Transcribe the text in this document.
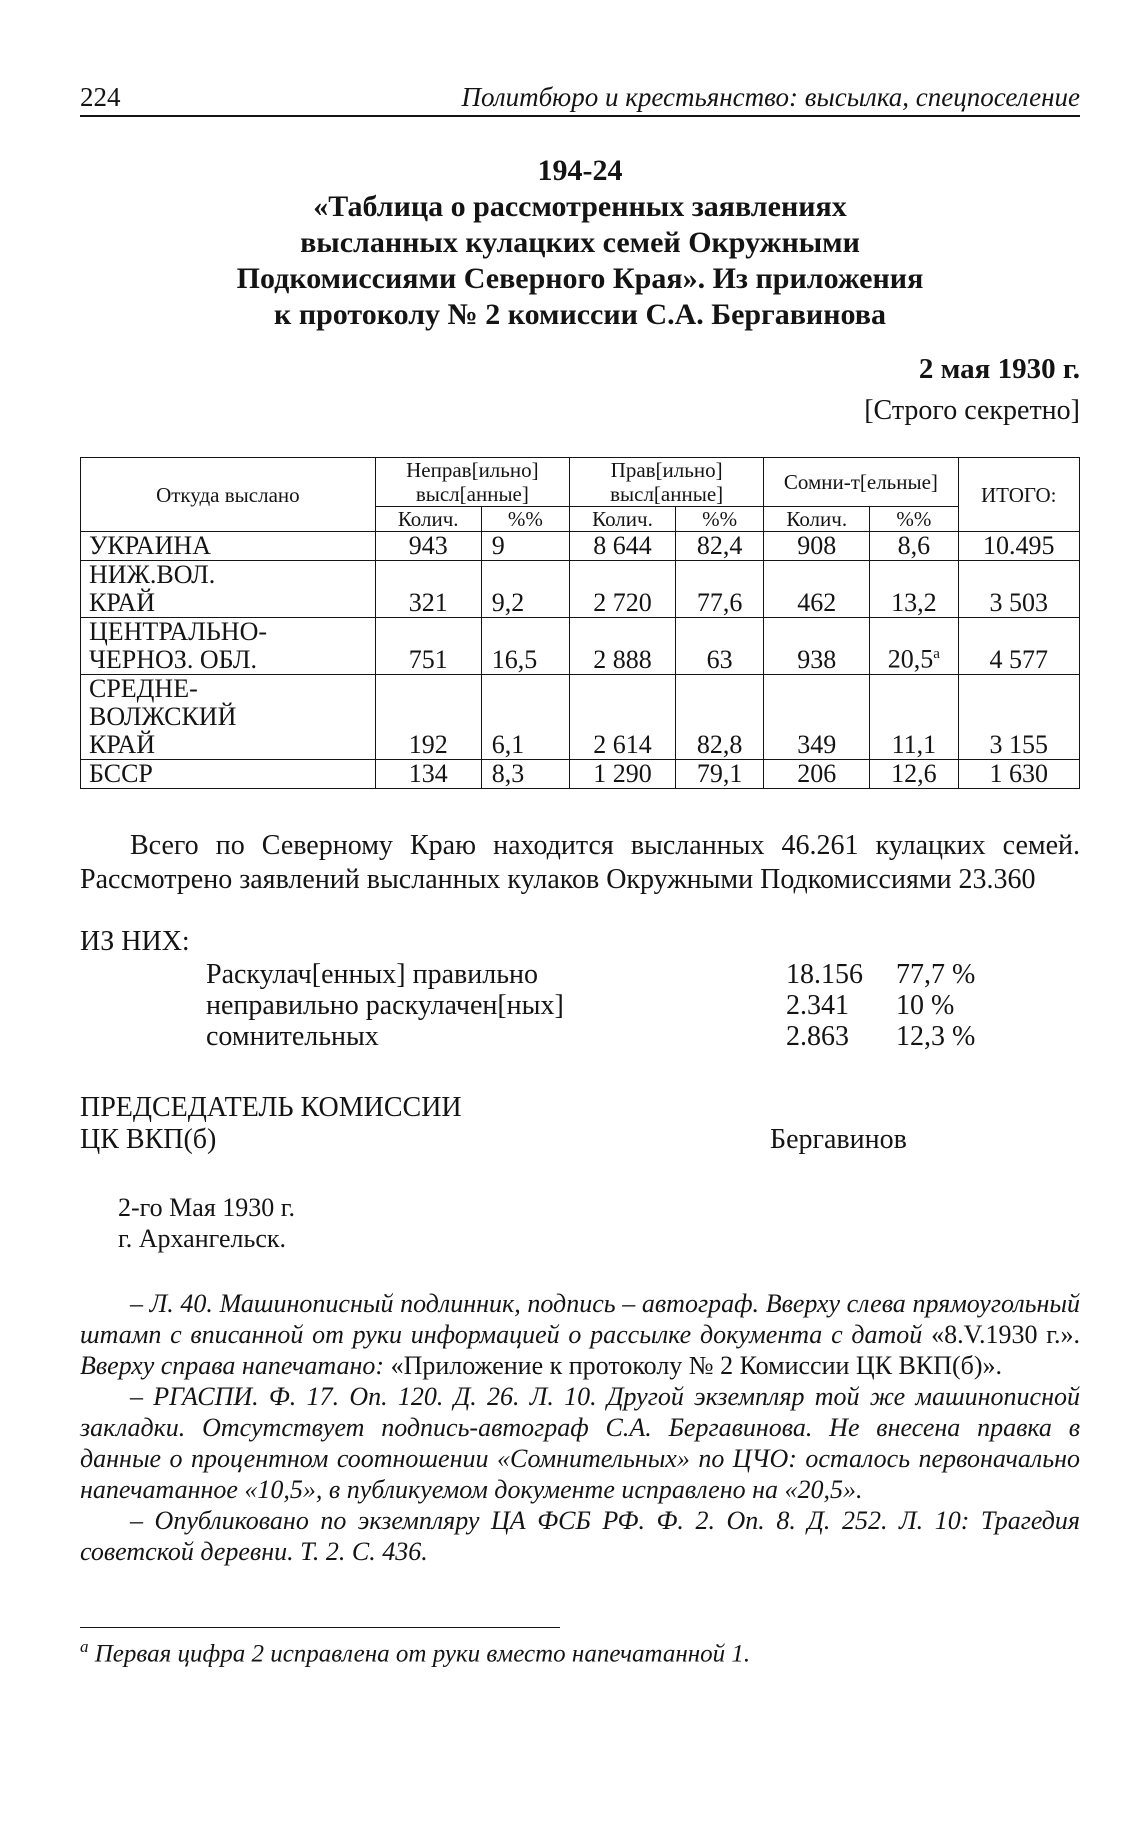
224	Политбюро и крестьянство: высылка, спецпоселение
194-24
«Таблица о рассмотренных заявлениях
высланных кулацких семей Окружными
Подкомиссиями Северного Края». Из приложения
к протоколу № 2 комиссии С.А. Бергавинова
2 мая 1930 г.
[Строго секретно]
Откуда выслано	Неправ[ильно] высл[анные]		Прав[ильно] высл[анные]		Сомни-т[ельные]		ИТОГО:
	Колич.	%%	Колич.	%%	Колич.	%%	

УКРАИНА	943	9	8 644	82,4	908	8,6	10.495

НИЖ.ВОЛ.
КРАЙ	321	9,2	2 720	77,6	462	13,2	3 503

ЦЕНТРАЛЬНО-
ЧЕРНОЗ. ОБЛ.	751	16,5	2 888	63	938	20,5$^а$	4 577

СРЕДНЕ-
ВОЛЖСКИЙ
КРАЙ	192	6,1	2 614	82,8	349	11,1	3 155

БССР	134	8,3	1 290	79,1	206	12,6	1 630

Всего по Северному Краю находится высланных 46.261 кулацких семей. Рассмотрено заявлений высланных кулаков Окружными Подкомиссиями 23.360

ИЗ НИХ:
Раскулач[енных] правильно	18.156	77,7 %
неправильно раскулачен[ных]	2.341	10 %
сомнительных	2.863	12,3 %
ПРЕДСЕДАТЕЛЬ КОМИССИИ
ЦК ВКП(б)	Бергавинов
2-го Мая 1930 г.
г. Архангельск.

– Л. 40. Машинописный подлинник, подпись – автограф. Вверху слева прямоугольный штамп с вписанной от руки информацией о рассылке документа с датой «8.V.1930 г.». Вверху справа напечатано: «Приложение к протоколу № 2 Комиссии ЦК ВКП(б)».

– РГАСПИ. Ф. 17. Оп. 120. Д. 26. Л. 10. Другой экземпляр той же машинописной закладки. Отсутствует подпись-автограф С.А. Бергавинова. Не внесена правка в данные о процентном соотношении «Сомнительных» по ЦЧО: осталось первоначально напечатанное «10,5», в публикуемом документе исправлено на «20,5».

– Опубликовано по экземпляру ЦА ФСБ РФ. Ф. 2. Оп. 8. Д. 252. Л. 10: Трагедия советской деревни. Т. 2. С. 436.

$^а$ Первая цифра 2 исправлена от руки вместо напечатанной 1.
